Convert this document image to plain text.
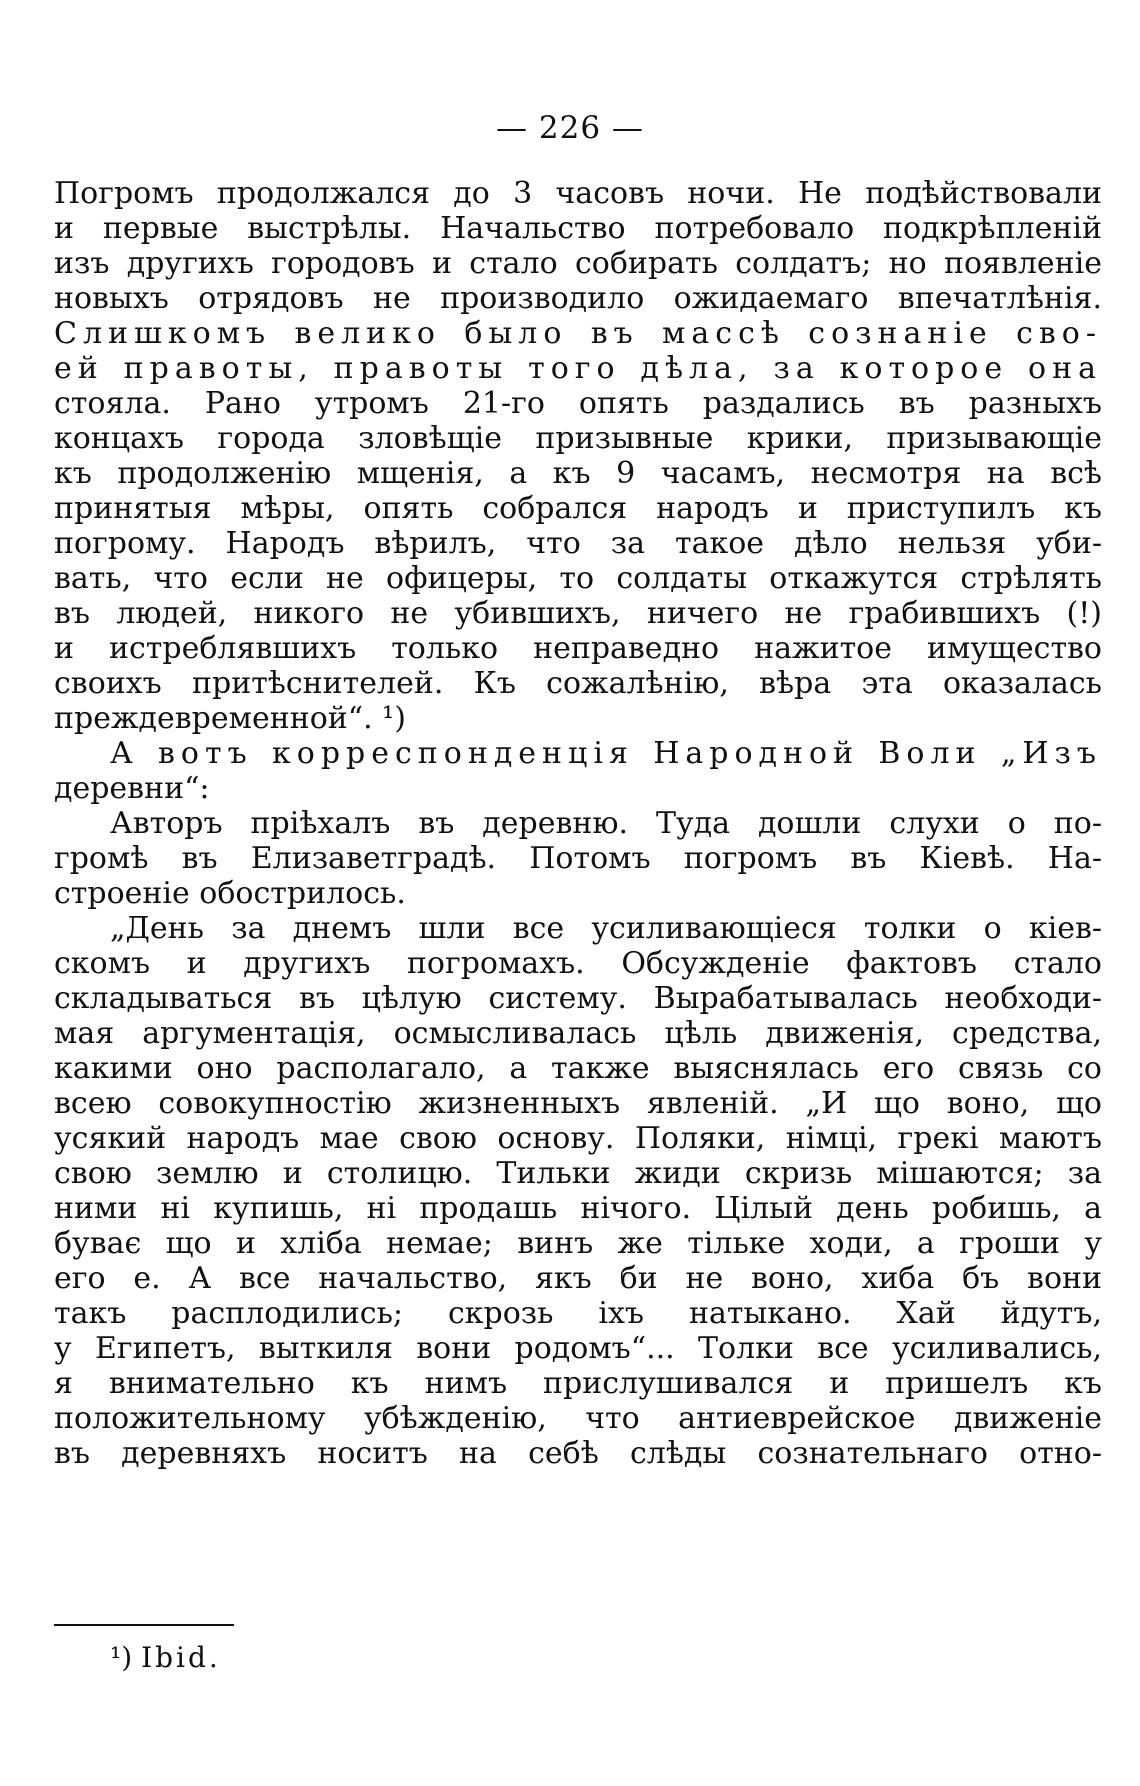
— 226 —
Погромъ продолжался до 3 часовъ ночи. Не подѣйствовали
и первые выстрѣлы. Начальство потребовало подкрѣпленій
изъ другихъ городовъ и стало собирать солдатъ; но появленіе
новыхъ отрядовъ не производило ожидаемаго впечатлѣнія.
Слишкомъ велико было въ массѣ сознаніе сво-
ей правоты, правоты того дѣла, за которое она
стояла. Рано утромъ 21-го опять раздались въ разныхъ
концахъ города зловѣщіе призывные крики, призывающіе
къ продолженію мщенія, а къ 9 часамъ, несмотря на всѣ
принятыя мѣры, опять собрался народъ и приступилъ къ
погрому. Народъ вѣрилъ, что за такое дѣло нельзя уби-
вать, что если не офицеры, то солдаты откажутся стрѣлять
въ людей, никого не убившихъ, ничего не грабившихъ (!)
и истреблявшихъ только неправедно нажитое имущество
своихъ притѣснителей. Къ сожалѣнію, вѣра эта оказалась
преждевременной“. ¹)
А вотъ корреспонденція Народной Воли „Изъ
деревни“:
Авторъ пріѣхалъ въ деревню. Туда дошли слухи о по-
громѣ въ Елизаветградѣ. Потомъ погромъ въ Кіевѣ. На-
строеніе обострилось.
„День за днемъ шли все усиливающіеся толки о кіев-
скомъ и другихъ погромахъ. Обсужденіе фактовъ стало
складываться въ цѣлую систему. Вырабатывалась необходи-
мая аргументація, осмысливалась цѣль движенія, средства,
какими оно располагало, а также выяснялась его связь со
всею совокупностію жизненныхъ явленій. „И що воно, що
усякий народъ мае свою основу. Поляки, німці, грекі маютъ
свою землю и столицю. Тильки жиди скризь мішаются; за
ними ні купишь, ні продашь нічого. Цілый день робишь, а
буває що и хліба немае; винъ же тільке ходи, а гроши у
его е. А все начальство, якъ би не воно, хиба бъ вони
такъ расплодились; скрозь іхъ натыкано. Хай йдутъ,
у Египетъ, выткиля вони родомъ“... Толки все усиливались,
я внимательно къ нимъ прислушивался и пришелъ къ
положительному убѣжденію, что антиеврейское движеніе
въ деревняхъ носитъ на себѣ слѣды сознательнаго отно-
¹) Ibid.
